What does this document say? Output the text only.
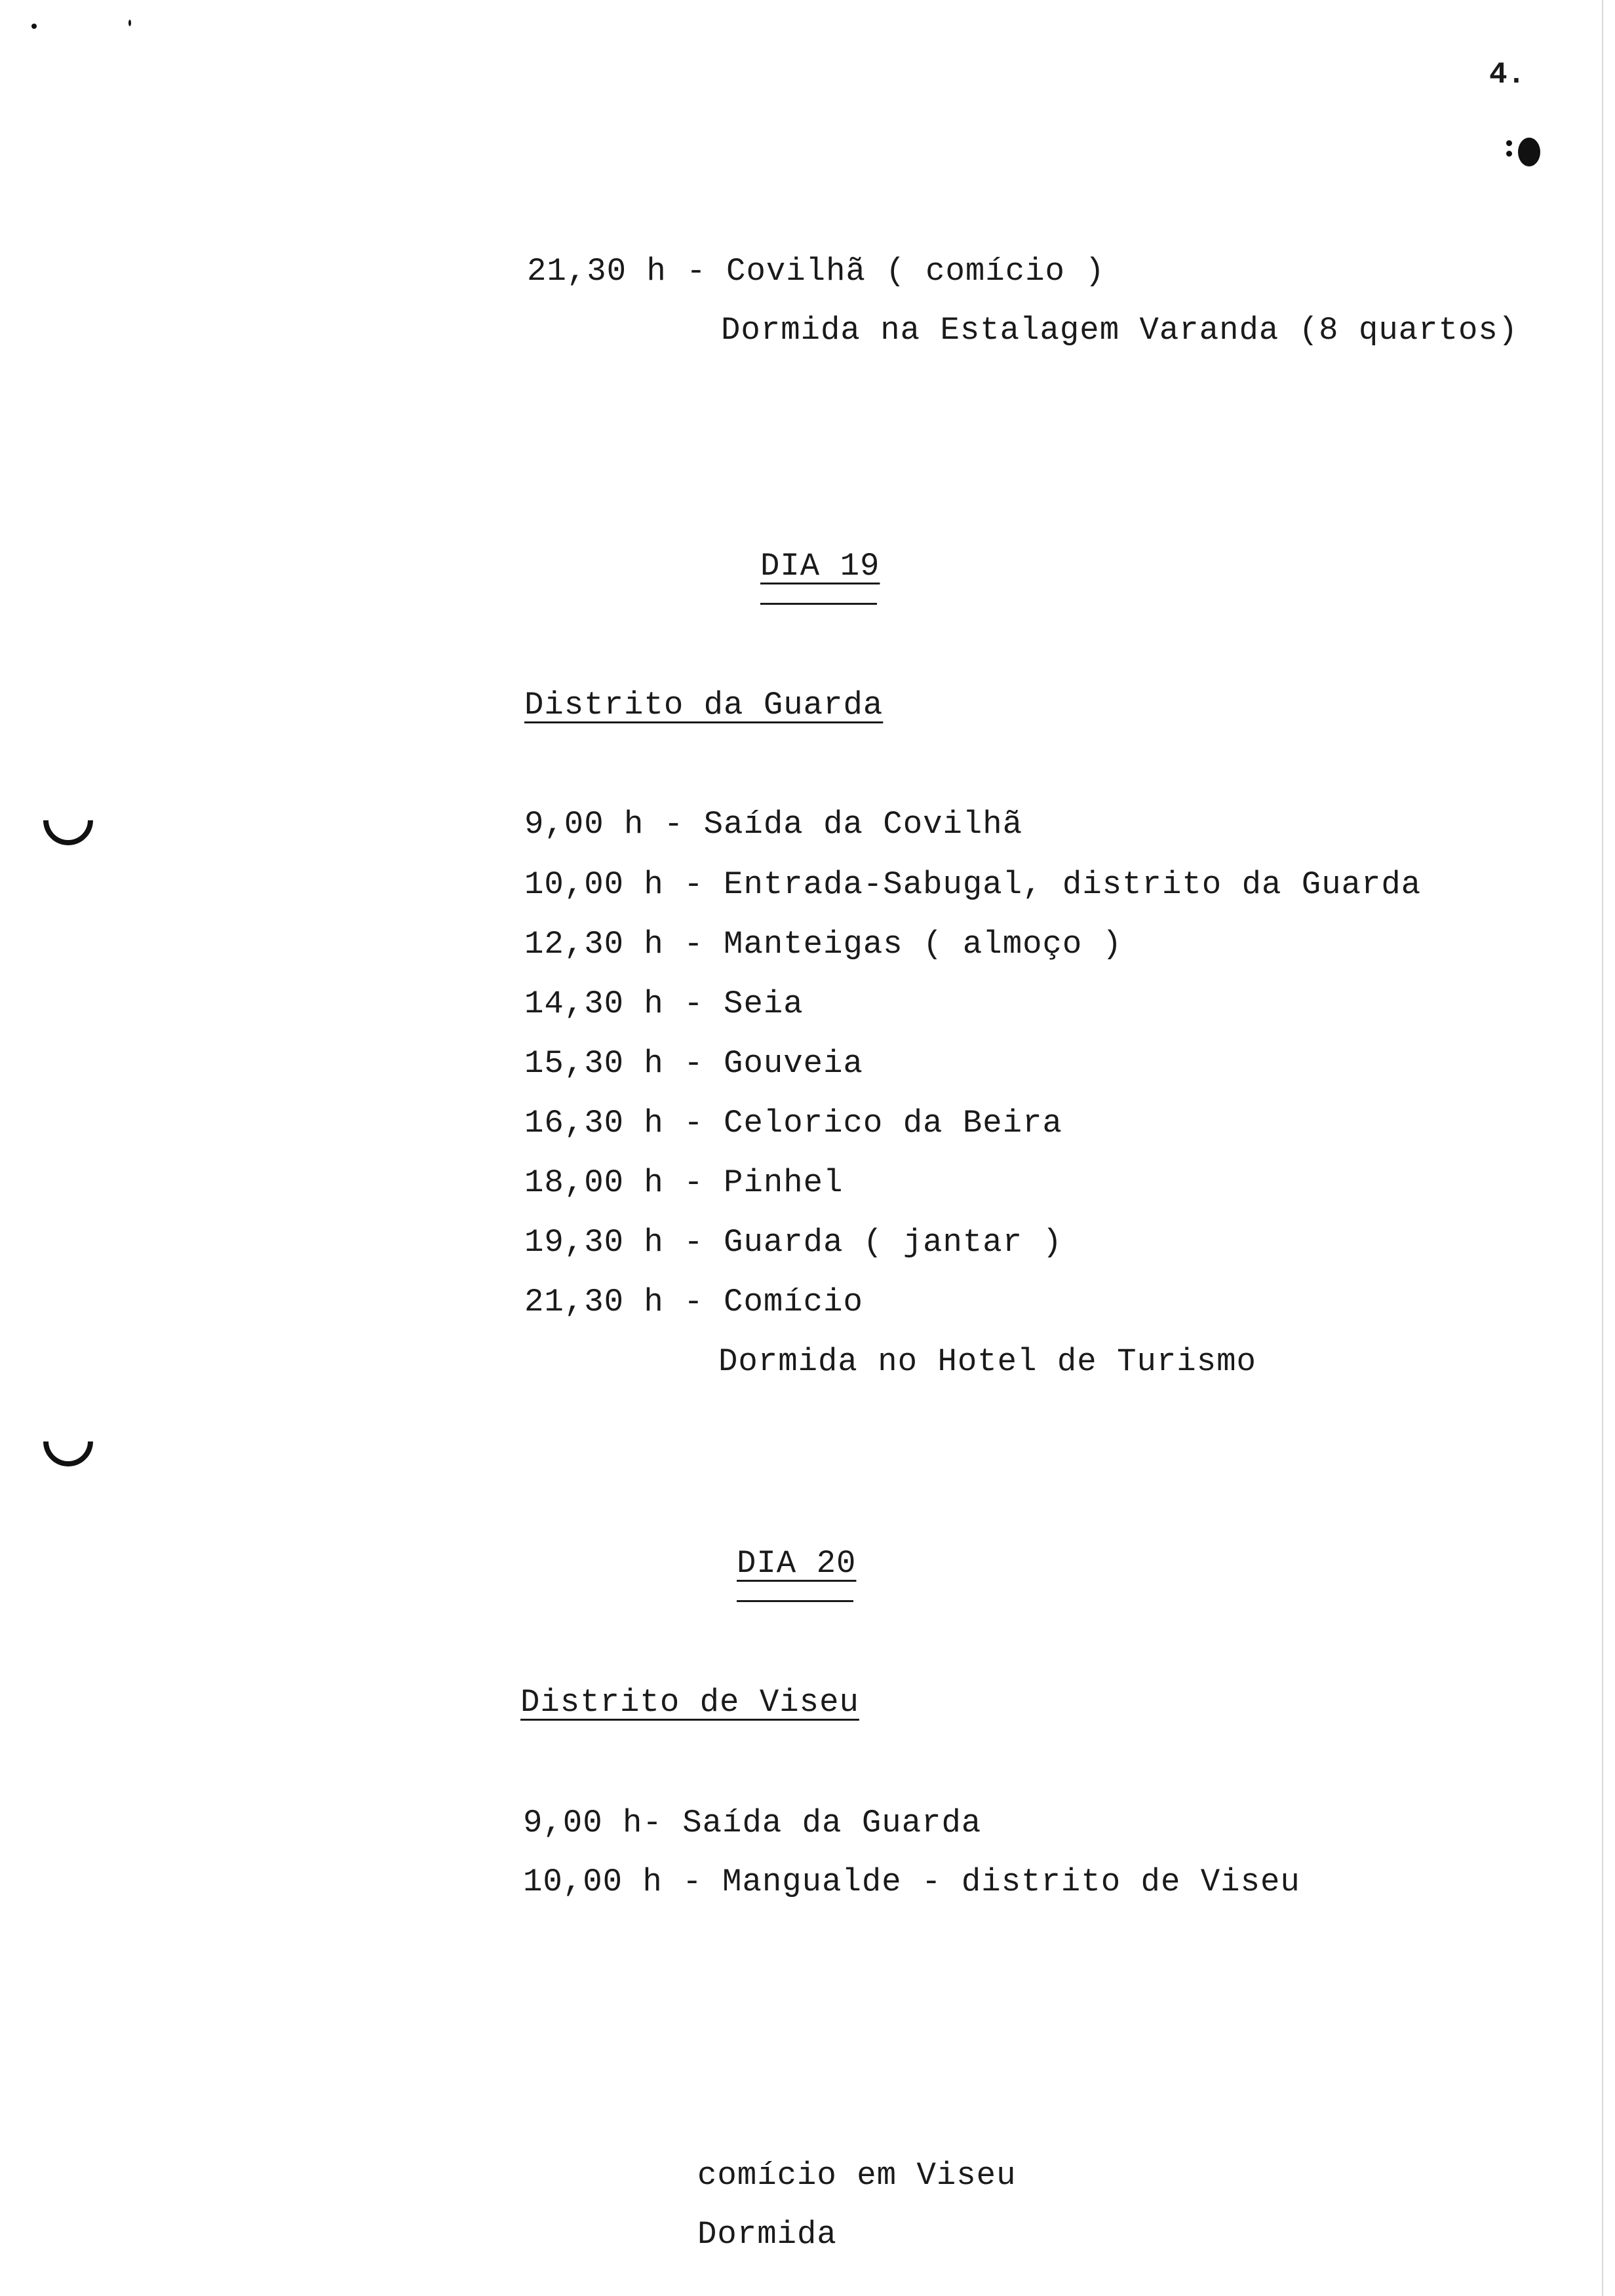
4.
21,30 h - Covilhã ( comício )
Dormida na Estalagem Varanda (8 quartos)
DIA 19
Distrito da Guarda
9,00 h - Saída da Covilhã
10,00 h - Entrada-Sabugal, distrito da Guarda
12,30 h - Manteigas ( almoço )
14,30 h - Seia
15,30 h - Gouveia
16,30 h - Celorico da Beira
18,00 h - Pinhel
19,30 h - Guarda ( jantar )
21,30 h - Comício
Dormida no Hotel de Turismo
DIA 20
Distrito de Viseu
9,00 h- Saída da Guarda
10,00 h - Mangualde - distrito de Viseu
comício em Viseu
Dormida
